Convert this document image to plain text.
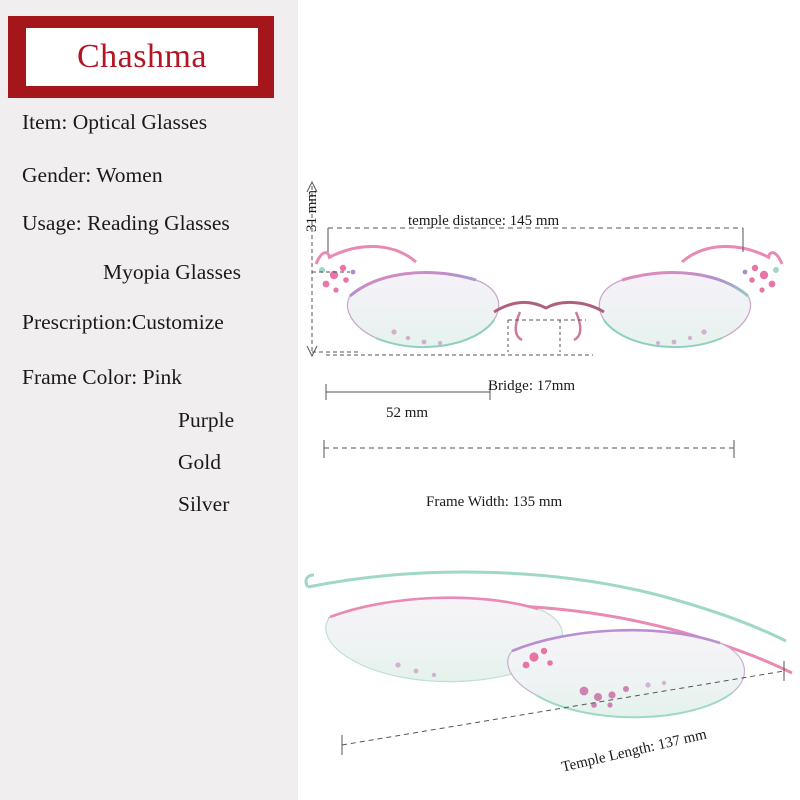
Chashma
Item: Optical Glasses
Gender: Women
Usage: Reading Glasses
Myopia Glasses
Prescription:Customize
Frame Color: Pink
Purple
Gold
Silver
31 mm	temple distance: 145 mm
Bridge: 17mm
52 mm
Frame Width: 135 mm
Temple Length: 137 mm
